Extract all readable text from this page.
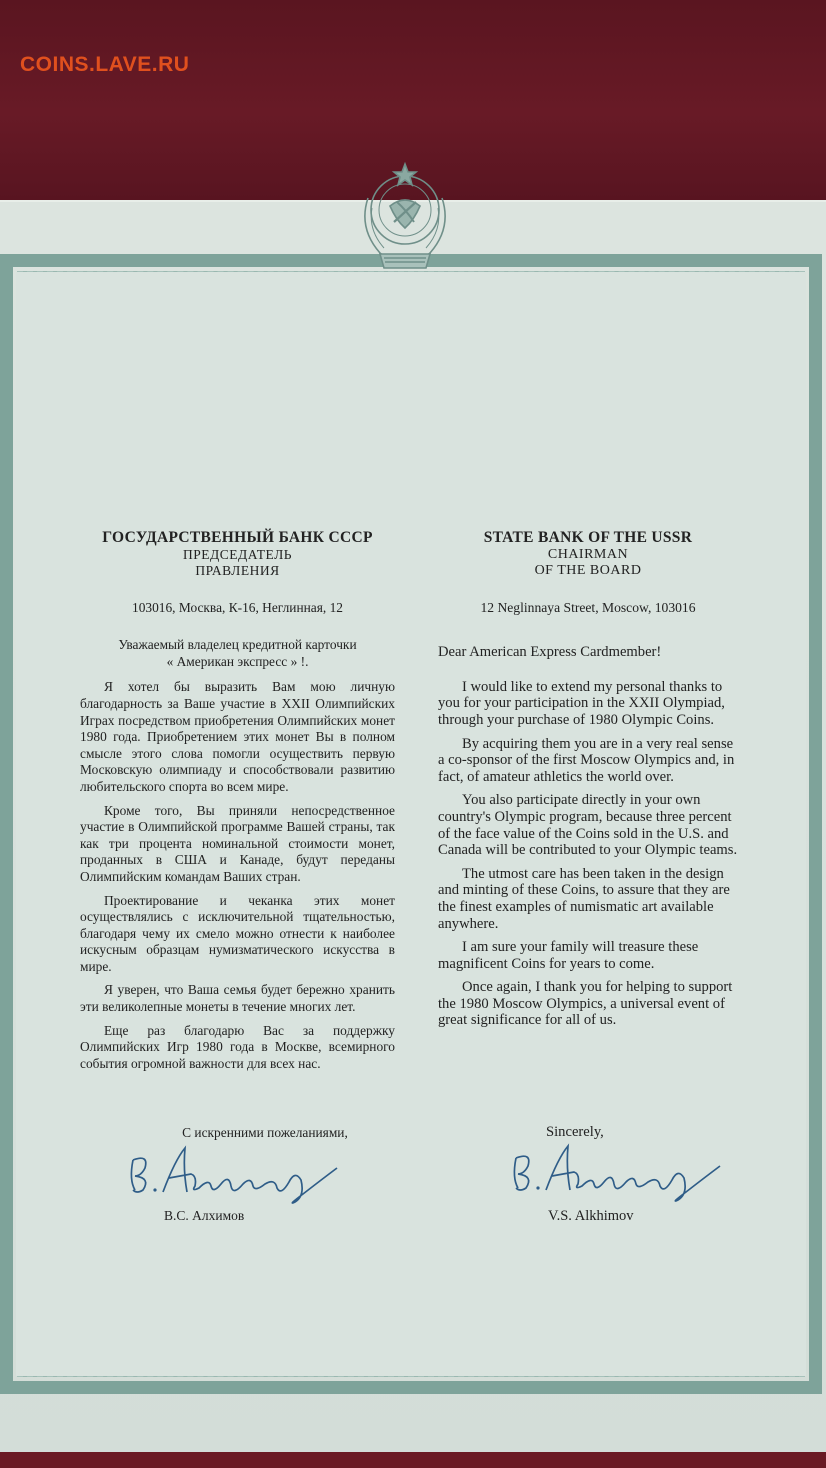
COINS.LAVE.RU
ГОСУДАРСТВЕННЫЙ БАНК СССР
ПРЕДСЕДАТЕЛЬ
ПРАВЛЕНИЯ
103016, Москва, К-16, Неглинная, 12
Уважаемый владелец кредитной карточки
« Американ экспресс » !.

Я хотел бы выразить Вам мою личную благодарность за Ваше участие в XXII Олимпийских Играх посредством приобретения Олимпийских монет 1980 года. Приобретением этих монет Вы в полном смысле этого слова помогли осуществить первую Московскую олимпиаду и способствовали развитию любительского спорта во всем мире.

Кроме того, Вы приняли непосредственное участие в Олимпийской программе Вашей страны, так как три процента номинальной стоимости монет, проданных в США и Канаде, будут переданы Олимпийским командам Ваших стран.

Проектирование и чеканка этих монет осуществлялись с исключительной тщательностью, благодаря чему их смело можно отнести к наиболее искусным образцам нумизматического искусства в мире.

Я уверен, что Ваша семья будет бережно хранить эти великолепные монеты в течение многих лет.

Еще раз благодарю Вас за поддержку Олимпийских Игр 1980 года в Москве, всемирного события огромной важности для всех нас.

С искренними пожеланиями,
STATE BANK OF THE USSR
CHAIRMAN
OF THE BOARD
12 Neglinnaya Street, Moscow, 103016
Dear American Express Cardmember!

I would like to extend my personal thanks to you for your participation in the XXII Olympiad, through your purchase of 1980 Olympic Coins.

By acquiring them you are in a very real sense a co-sponsor of the first Moscow Olympics and, in fact, of amateur athletics the world over.

You also participate directly in your own country's Olympic program, because three percent of the face value of the Coins sold in the U.S. and Canada will be contributed to your Olympic teams.

The utmost care has been taken in the design and minting of these Coins, to assure that they are the finest examples of numismatic art available anywhere.

I am sure your family will treasure these magnificent Coins for years to come.

Once again, I thank you for helping to support the 1980 Moscow Olympics, a universal event of great significance for all of us.

Sincerely,
В.С. Алхимов	V.S. Alkhimov
